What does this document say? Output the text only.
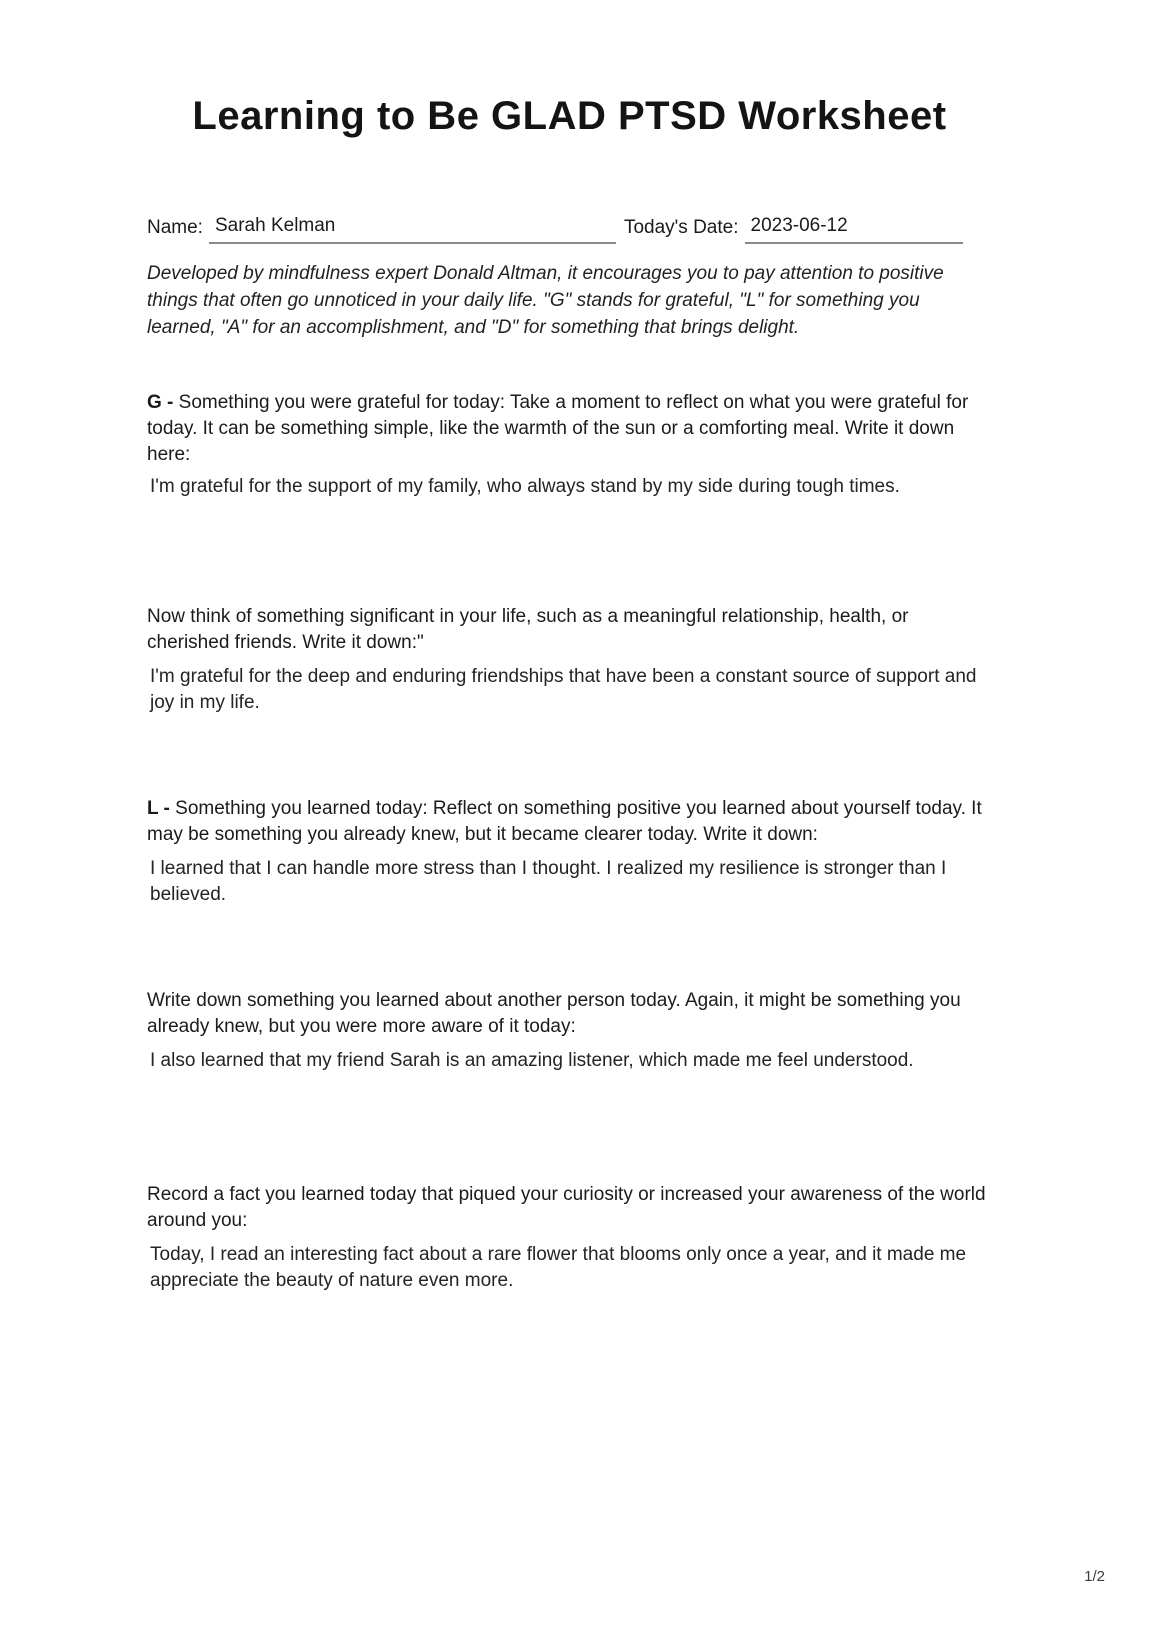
Learning to Be GLAD PTSD Worksheet
Name: Sarah Kelman	Today's Date: 2023-06-12

Developed by mindfulness expert Donald Altman, it encourages you to pay attention to positive things that often go unnoticed in your daily life. "G" stands for grateful, "L" for something you learned, "A" for an accomplishment, and "D" for something that brings delight.

G - Something you were grateful for today: Take a moment to reflect on what you were grateful for today. It can be something simple, like the warmth of the sun or a comforting meal. Write it down here:

I'm grateful for the support of my family, who always stand by my side during tough times.

Now think of something significant in your life, such as a meaningful relationship, health, or cherished friends. Write it down:"

I'm grateful for the deep and enduring friendships that have been a constant source of support and joy in my life.

L - Something you learned today: Reflect on something positive you learned about yourself today. It may be something you already knew, but it became clearer today. Write it down:

I learned that I can handle more stress than I thought. I realized my resilience is stronger than I believed.

Write down something you learned about another person today. Again, it might be something you already knew, but you were more aware of it today:

I also learned that my friend Sarah is an amazing listener, which made me feel understood.

Record a fact you learned today that piqued your curiosity or increased your awareness of the world around you:

Today, I read an interesting fact about a rare flower that blooms only once a year, and it made me appreciate the beauty of nature even more.

1/2
